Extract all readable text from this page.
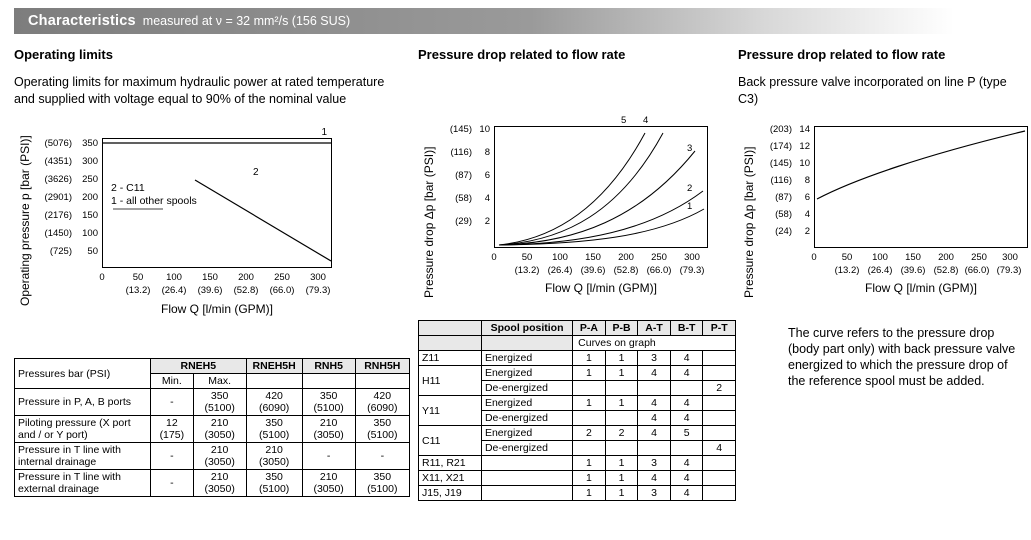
Characteristics measured at ν = 32 mm²/s (156 SUS)
Operating limits	Pressure drop related to flow rate	Pressure drop related to flow rate
Operating limits for maximum hydraulic power at rated temperature and supplied with voltage equal to 90% of the nominal value
Back pressure valve incorporated on line P (type C3)
Operating pressure p [bar (PSI)]	(5076)
(4351)
(3626)
(2901)
(2176)
(1450)
(725)
350
300
250
200
150
100
50
1
2
2 - C11
1 - all other spools
0	50	100	150	200	250	300
(13.2)	(26.4)	(39.6)	(52.8)	(66.0)	(79.3)
Flow Q [l/min (GPM)]
Pressure drop Δp [bar (PSI)]
(145)
(116)
(87)
(58)
(29)
10
8
6
4
2
5 4
3
2
1
0	50	100	150	200	250	300
(13.2) (26.4) (39.6) (52.8) (66.0) (79.3)
Flow Q [l/min (GPM)]	Pressure drop Δp [bar (PSI)]
(203)
(174)
(145)
(116)
(87)
(58)
(24)
14
12
10
8
6
4
2
0	50	100	150	200	250	300
(13.2) (26.4) (39.6) (52.8) (66.0) (79.3)
Flow Q [l/min (GPM)]
The curve refers to the pressure drop (body part only) with back pressure valve energized to which the pressure drop of the reference spool must be added.
Pressures bar (PSI)	RNEH5		RNEH5H	RNH5	RNH5H
	Min.	Max.			
Pressure in P, A, B ports	-	350 (5100)	420 (6090)	350 (5100)	420 (6090)
Piloting pressure (X port and / or Y port)	12 (175)	210 (3050)	350 (5100)	210 (3050)	350 (5100)
Pressure in T line with internal drainage	-	210 (3050)	210 (3050)	-	-
Pressure in T line with external drainage	-	210 (3050)	350 (5100)	210 (3050)	350 (5100)
	Spool position	P-A	P-B	A-T	B-T	P-T
		Curves on graph				
Z11	Energized	1	1	3	4	
H11	Energized	1	1	4	4	
	De-energized					2
Y11	Energized	1	1	4	4	
	De-energized			4	4	
C11	Energized	2	2	4	5	
	De-energized					4
R11, R21		1	1	3	4	
X11, X21		1	1	4	4	
J15, J19		1	1	3	4	
